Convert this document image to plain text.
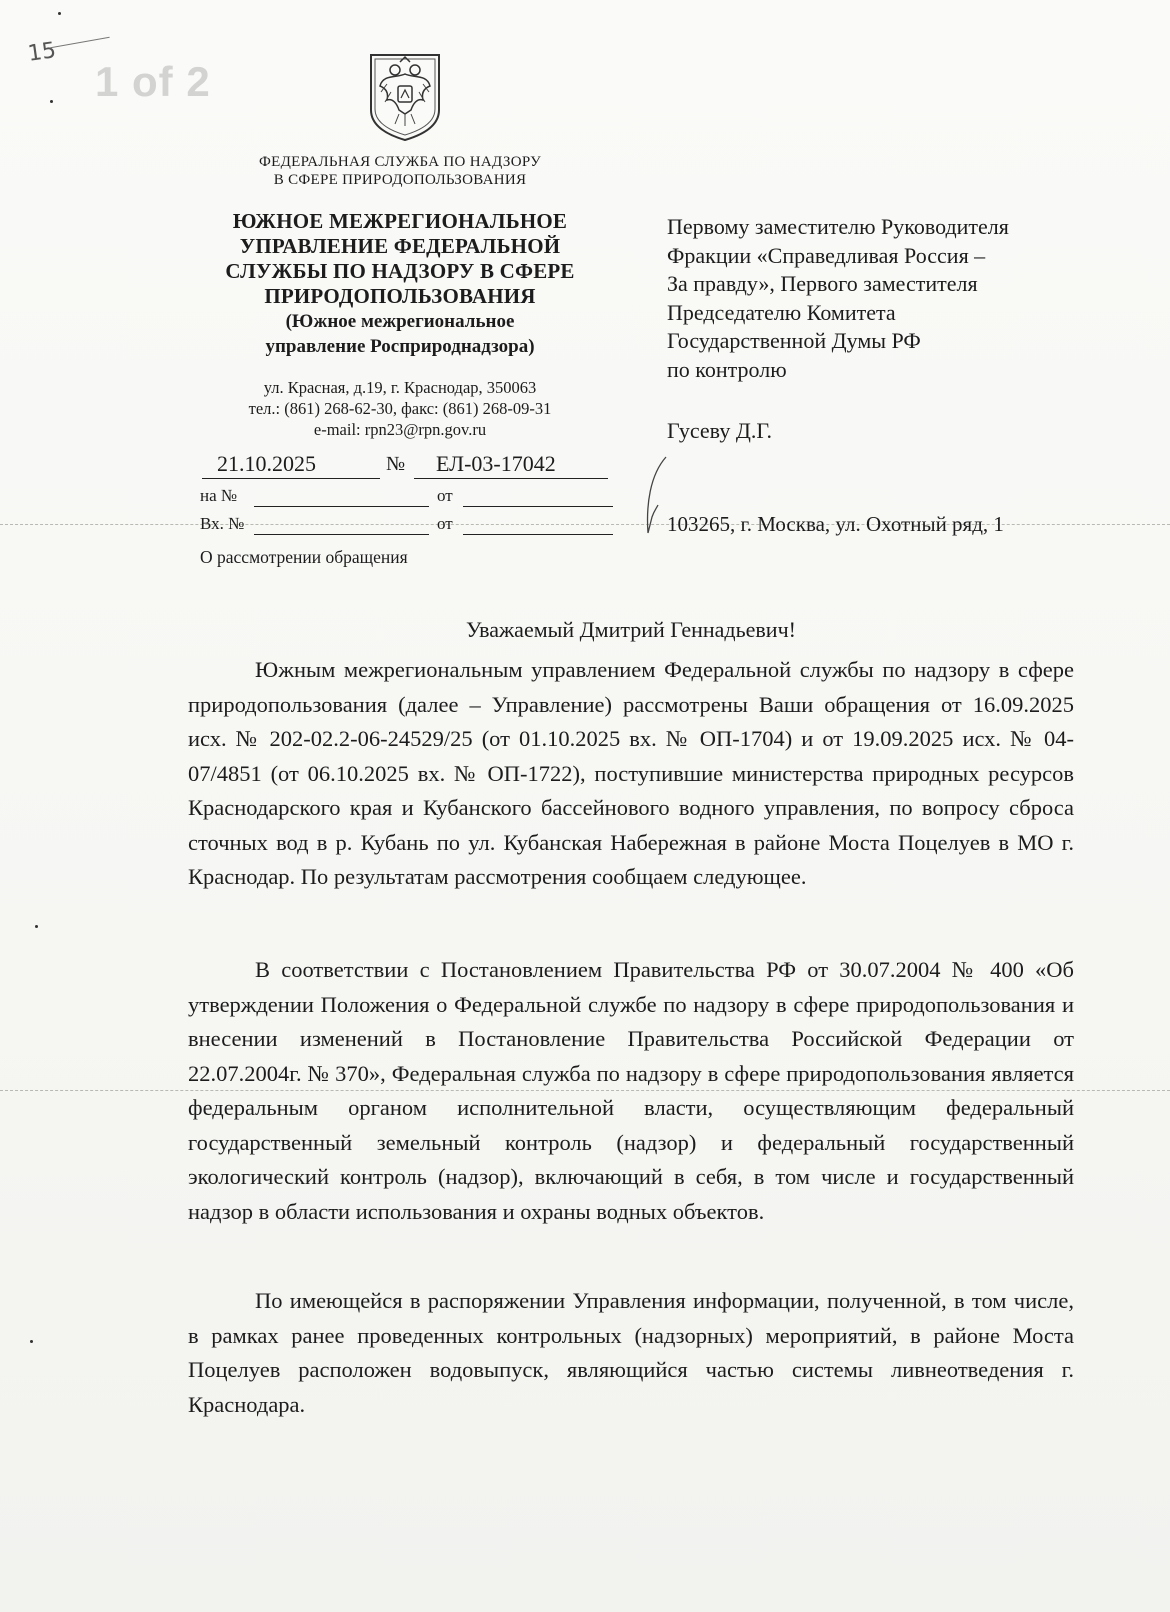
1 of 2
15
ФЕДЕРАЛЬНАЯ СЛУЖБА ПО НАДЗОРУ
В СФЕРЕ ПРИРОДОПОЛЬЗОВАНИЯ
ЮЖНОЕ МЕЖРЕГИОНАЛЬНОЕ
УПРАВЛЕНИЕ ФЕДЕРАЛЬНОЙ
СЛУЖБЫ ПО НАДЗОРУ В СФЕРЕ
ПРИРОДОПОЛЬЗОВАНИЯ
(Южное межрегиональное
управление Росприроднадзора)
ул. Красная, д.19, г. Краснодар, 350063
тел.: (861) 268-62-30, факс: (861) 268-09-31
e-mail: rpn23@rpn.gov.ru
21.10.2025	№	ЕЛ-03-17042
на №	от
Вх. №	от
О рассмотрении обращения
Первому заместителю Руководителя
Фракции «Справедливая Россия –
За правду», Первого заместителя
Председателю Комитета
Государственной Думы РФ
по контролю
Гусеву Д.Г.
103265, г. Москва, ул. Охотный ряд, 1
Уважаемый Дмитрий Геннадьевич!

Южным межрегиональным управлением Федеральной службы по надзору в сфере природопользования (далее – Управление) рассмотрены Ваши обращения от 16.09.2025 исх. № 202-02.2-06-24529/25 (от 01.10.2025 вх. № ОП-1704) и от 19.09.2025 исх. № 04-07/4851 (от 06.10.2025 вх. № ОП-1722), поступившие министерства природных ресурсов Краснодарского края и Кубанского бассейнового водного управления, по вопросу сброса сточных вод в р. Кубань по ул. Кубанская Набережная в районе Моста Поцелуев в МО г. Краснодар. По результатам рассмотрения сообщаем следующее.

В соответствии с Постановлением Правительства РФ от 30.07.2004 № 400 «Об утверждении Положения о Федеральной службе по надзору в сфере природопользования и внесении изменений в Постановление Правительства Российской Федерации от 22.07.2004г. № 370», Федеральная служба по надзору в сфере природопользования является федеральным органом исполнительной власти, осуществляющим федеральный государственный земельный контроль (надзор) и федеральный государственный экологический контроль (надзор), включающий в себя, в том числе и государственный надзор в области использования и охраны водных объектов.

По имеющейся в распоряжении Управления информации, полученной, в том числе, в рамках ранее проведенных контрольных (надзорных) мероприятий, в районе Моста Поцелуев расположен водовыпуск, являющийся частью системы ливнеотведения г. Краснодара.
